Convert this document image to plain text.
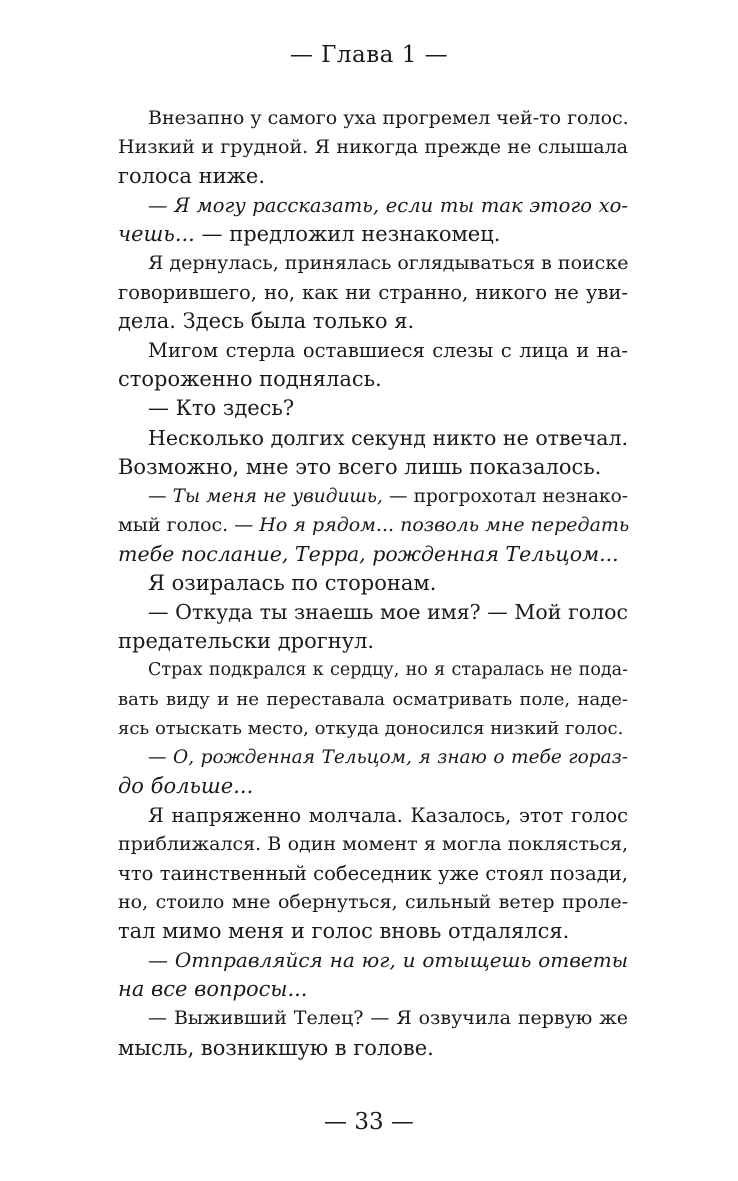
— Глава 1 —
Внезапно у самого уха прогремел чей-то голос.
Низкий и грудной. Я никогда прежде не слышала
голоса ниже.
— Я могу рассказать, если ты так этого хо-
чешь... — предложил незнакомец.
Я дернулась, принялась оглядываться в поиске
говорившего, но, как ни странно, никого не уви-
дела. Здесь была только я.
Мигом стерла оставшиеся слезы с лица и на-
стороженно поднялась.
— Кто здесь?
Несколько долгих секунд никто не отвечал.
Возможно, мне это всего лишь показалось.
— Ты меня не увидишь, — прогрохотал незнако-
мый голос. — Но я рядом... позволь мне передать
тебе послание, Терра, рожденная Тельцом...
Я озиралась по сторонам.
— Откуда ты знаешь мое имя? — Мой голос
предательски дрогнул.
Страх подкрался к сердцу, но я старалась не пода-
вать виду и не переставала осматривать поле, наде-
ясь отыскать место, откуда доносился низкий голос.
— О, рожденная Тельцом, я знаю о тебе горaз-
до больше...
Я напряженно молчала. Казалось, этот голос
приближался. В один момент я могла поклясться,
что таинственный собеседник уже стоял позади,
но, стоило мне обернуться, сильный ветер проле-
тал мимо меня и голос вновь отдалялся.
— Отправляйся на юг, и отыщешь ответы
на все вопросы...
— Выживший Телец? — Я озвучила первую же
мысль, возникшую в голове.
— 33 —
